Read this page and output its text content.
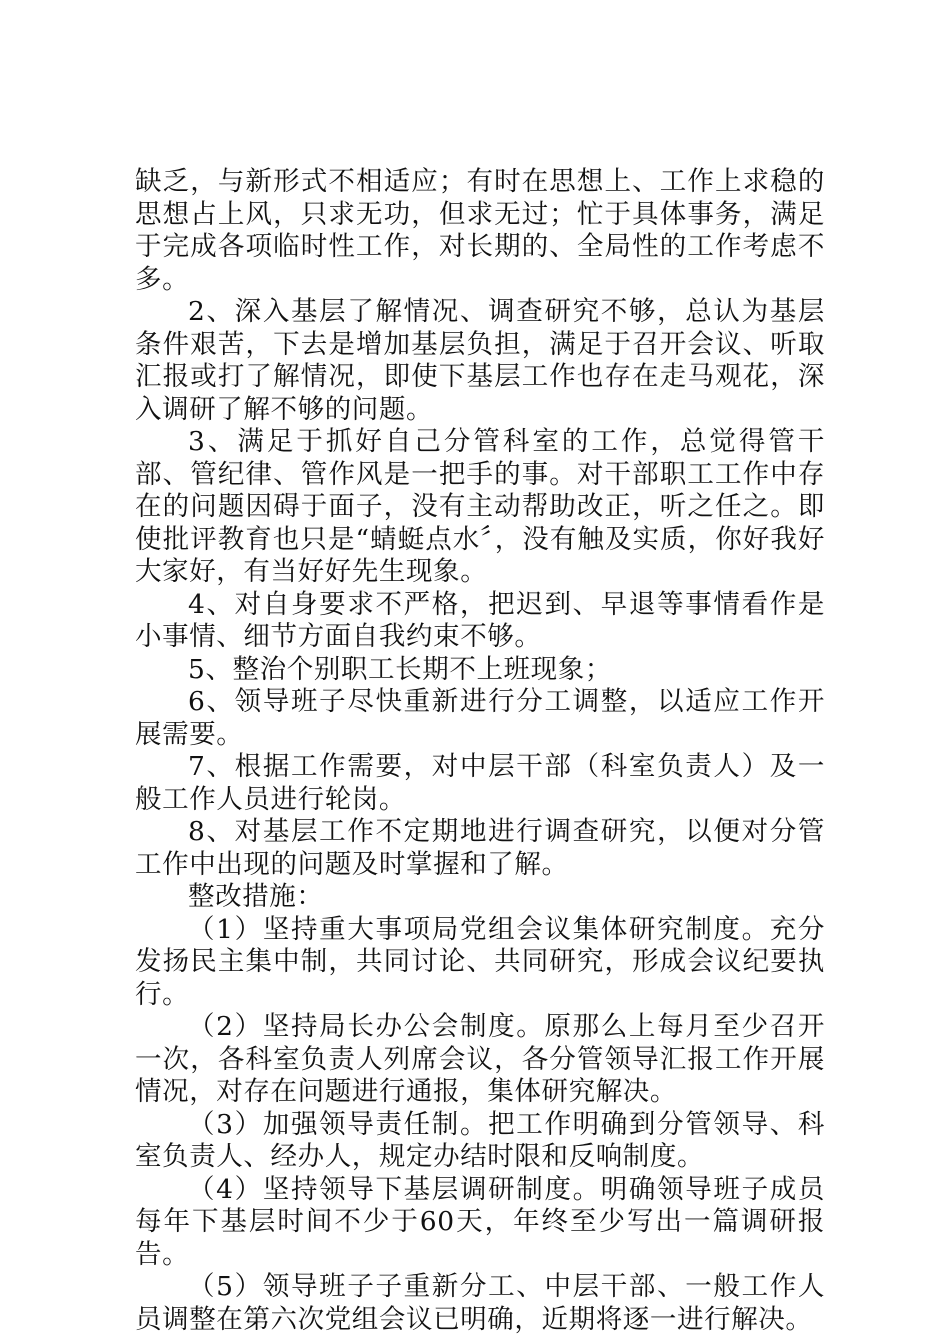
缺乏，与新形式不相适应；有时在思想上、工作上求稳的思想占上风，只求无功，但求无过；忙于具体事务，满足于完成各项临时性工作，对长期的、全局性的工作考虑不多。

2、深入基层了解情况、调查研究不够，总认为基层条件艰苦，下去是增加基层负担，满足于召开会议、听取汇报或打了解情况，即使下基层工作也存在走马观花，深入调研了解不够的问题。

3、满足于抓好自己分管科室的工作，总觉得管干部、管纪律、管作风是一把手的事。对干部职工工作中存在的问题因碍于面子，没有主动帮助改正，听之任之。即使批评教育也只是“蜻蜓点水〞，没有触及实质，你好我好大家好，有当好好先生现象。

4、对自身要求不严格，把迟到、早退等事情看作是小事情、细节方面自我约束不够。

5、整治个别职工长期不上班现象；

6、领导班子尽快重新进行分工调整，以适应工作开展需要。

7、根据工作需要，对中层干部（科室负责人）及一般工作人员进行轮岗。

8、对基层工作不定期地进行调查研究，以便对分管工作中出现的问题及时掌握和了解。

整改措施：

（1）坚持重大事项局党组会议集体研究制度。充分发扬民主集中制，共同讨论、共同研究，形成会议纪要执行。

（2）坚持局长办公会制度。原那么上每月至少召开一次，各科室负责人列席会议，各分管领导汇报工作开展情况，对存在问题进行通报，集体研究解决。

（3）加强领导责任制。把工作明确到分管领导、科室负责人、经办人，规定办结时限和反响制度。

（4）坚持领导下基层调研制度。明确领导班子成员每年下基层时间不少于60天，年终至少写出一篇调研报告。

（5）领导班子子重新分工、中层干部、一般工作人员调整在第六次党组会议已明确，近期将逐一进行解决。
